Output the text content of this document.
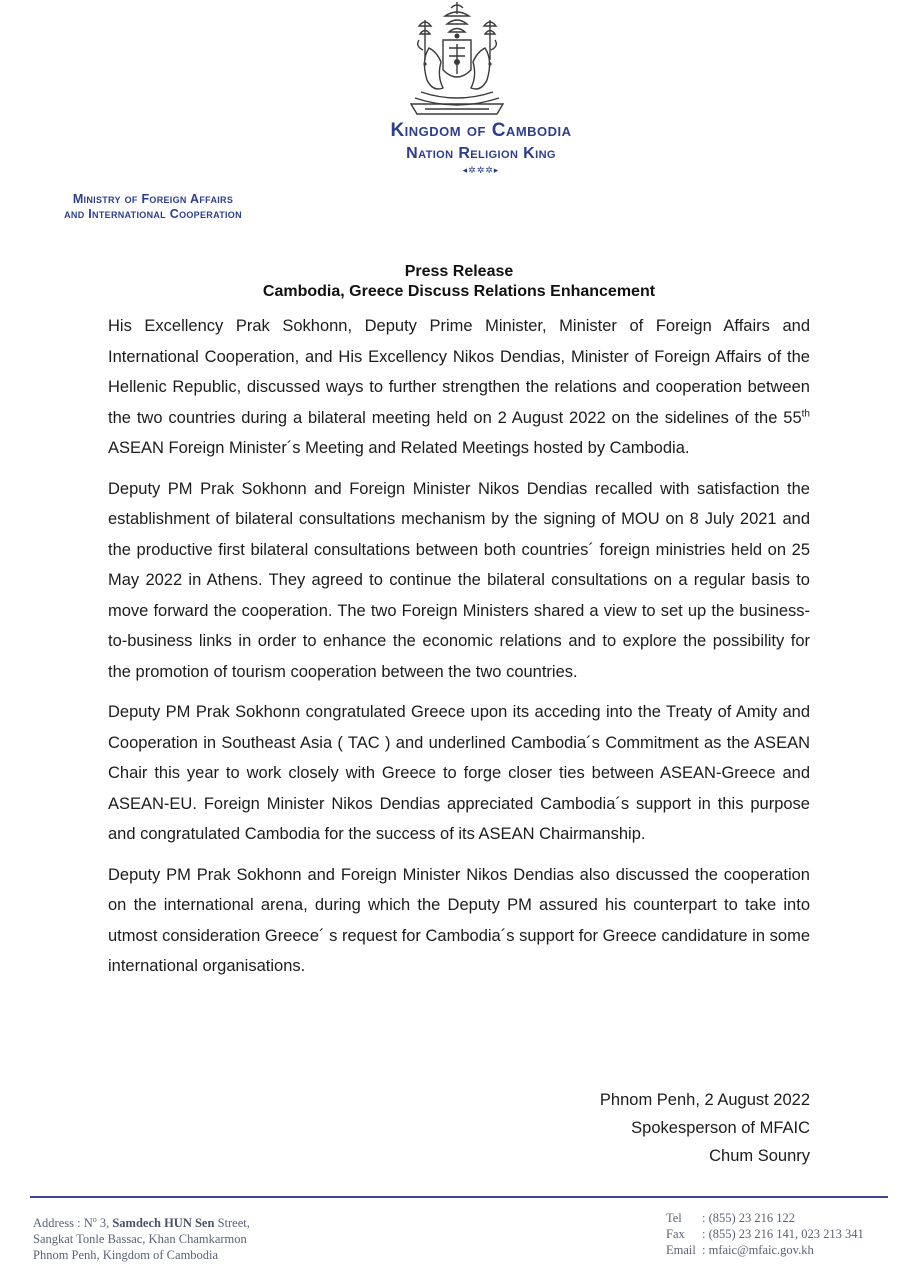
Kingdom of Cambodia
Nation Religion King
◂✲✲✲▸
Ministry of Foreign Affairs
and International Cooperation
Press Release
Cambodia, Greece Discuss Relations Enhancement

His Excellency Prak Sokhonn, Deputy Prime Minister, Minister of Foreign Affairs and International Cooperation, and His Excellency Nikos Dendias, Minister of Foreign Affairs of the Hellenic Republic, discussed ways to further strengthen the relations and cooperation between the two countries during a bilateral meeting held on 2 August 2022 on the sidelines of the 55th ASEAN Foreign Minister´s Meeting and Related Meetings hosted by Cambodia.

Deputy PM Prak Sokhonn and Foreign Minister Nikos Dendias recalled with satisfaction the establishment of bilateral consultations mechanism by the signing of MOU on 8 July 2021 and the productive first bilateral consultations between both countries´ foreign ministries held on 25 May 2022 in Athens. They agreed to continue the bilateral consultations on a regular basis to move forward the cooperation. The two Foreign Ministers shared a view to set up the business-to-business links in order to enhance the economic relations and to explore the possibility for the promotion of tourism cooperation between the two countries.

Deputy PM Prak Sokhonn congratulated Greece upon its acceding into the Treaty of Amity and Cooperation in Southeast Asia ( TAC ) and underlined Cambodia´s Commitment as the ASEAN Chair this year to work closely with Greece to forge closer ties between ASEAN-Greece and ASEAN-EU. Foreign Minister Nikos Dendias appreciated Cambodia´s support in this purpose and congratulated Cambodia for the success of its ASEAN Chairmanship.

Deputy PM Prak Sokhonn and Foreign Minister Nikos Dendias also discussed the cooperation on the international arena, during which the Deputy PM assured his counterpart to take into utmost consideration Greece´ s request for Cambodia´s support for Greece candidature in some international organisations.

Phnom Penh, 2 August 2022
Spokesperson of MFAIC
Chum Sounry
Address : $N^o$ 3, Samdech HUN Sen Street,
Sangkat Tonle Bassac, Khan Chamkarmon
Phnom Penh, Kingdom of Cambodia
Tel	: (855) 23 216 122
Fax	: (855) 23 216 141, 023 213 341
Email : mfaic@mfaic.gov.kh
